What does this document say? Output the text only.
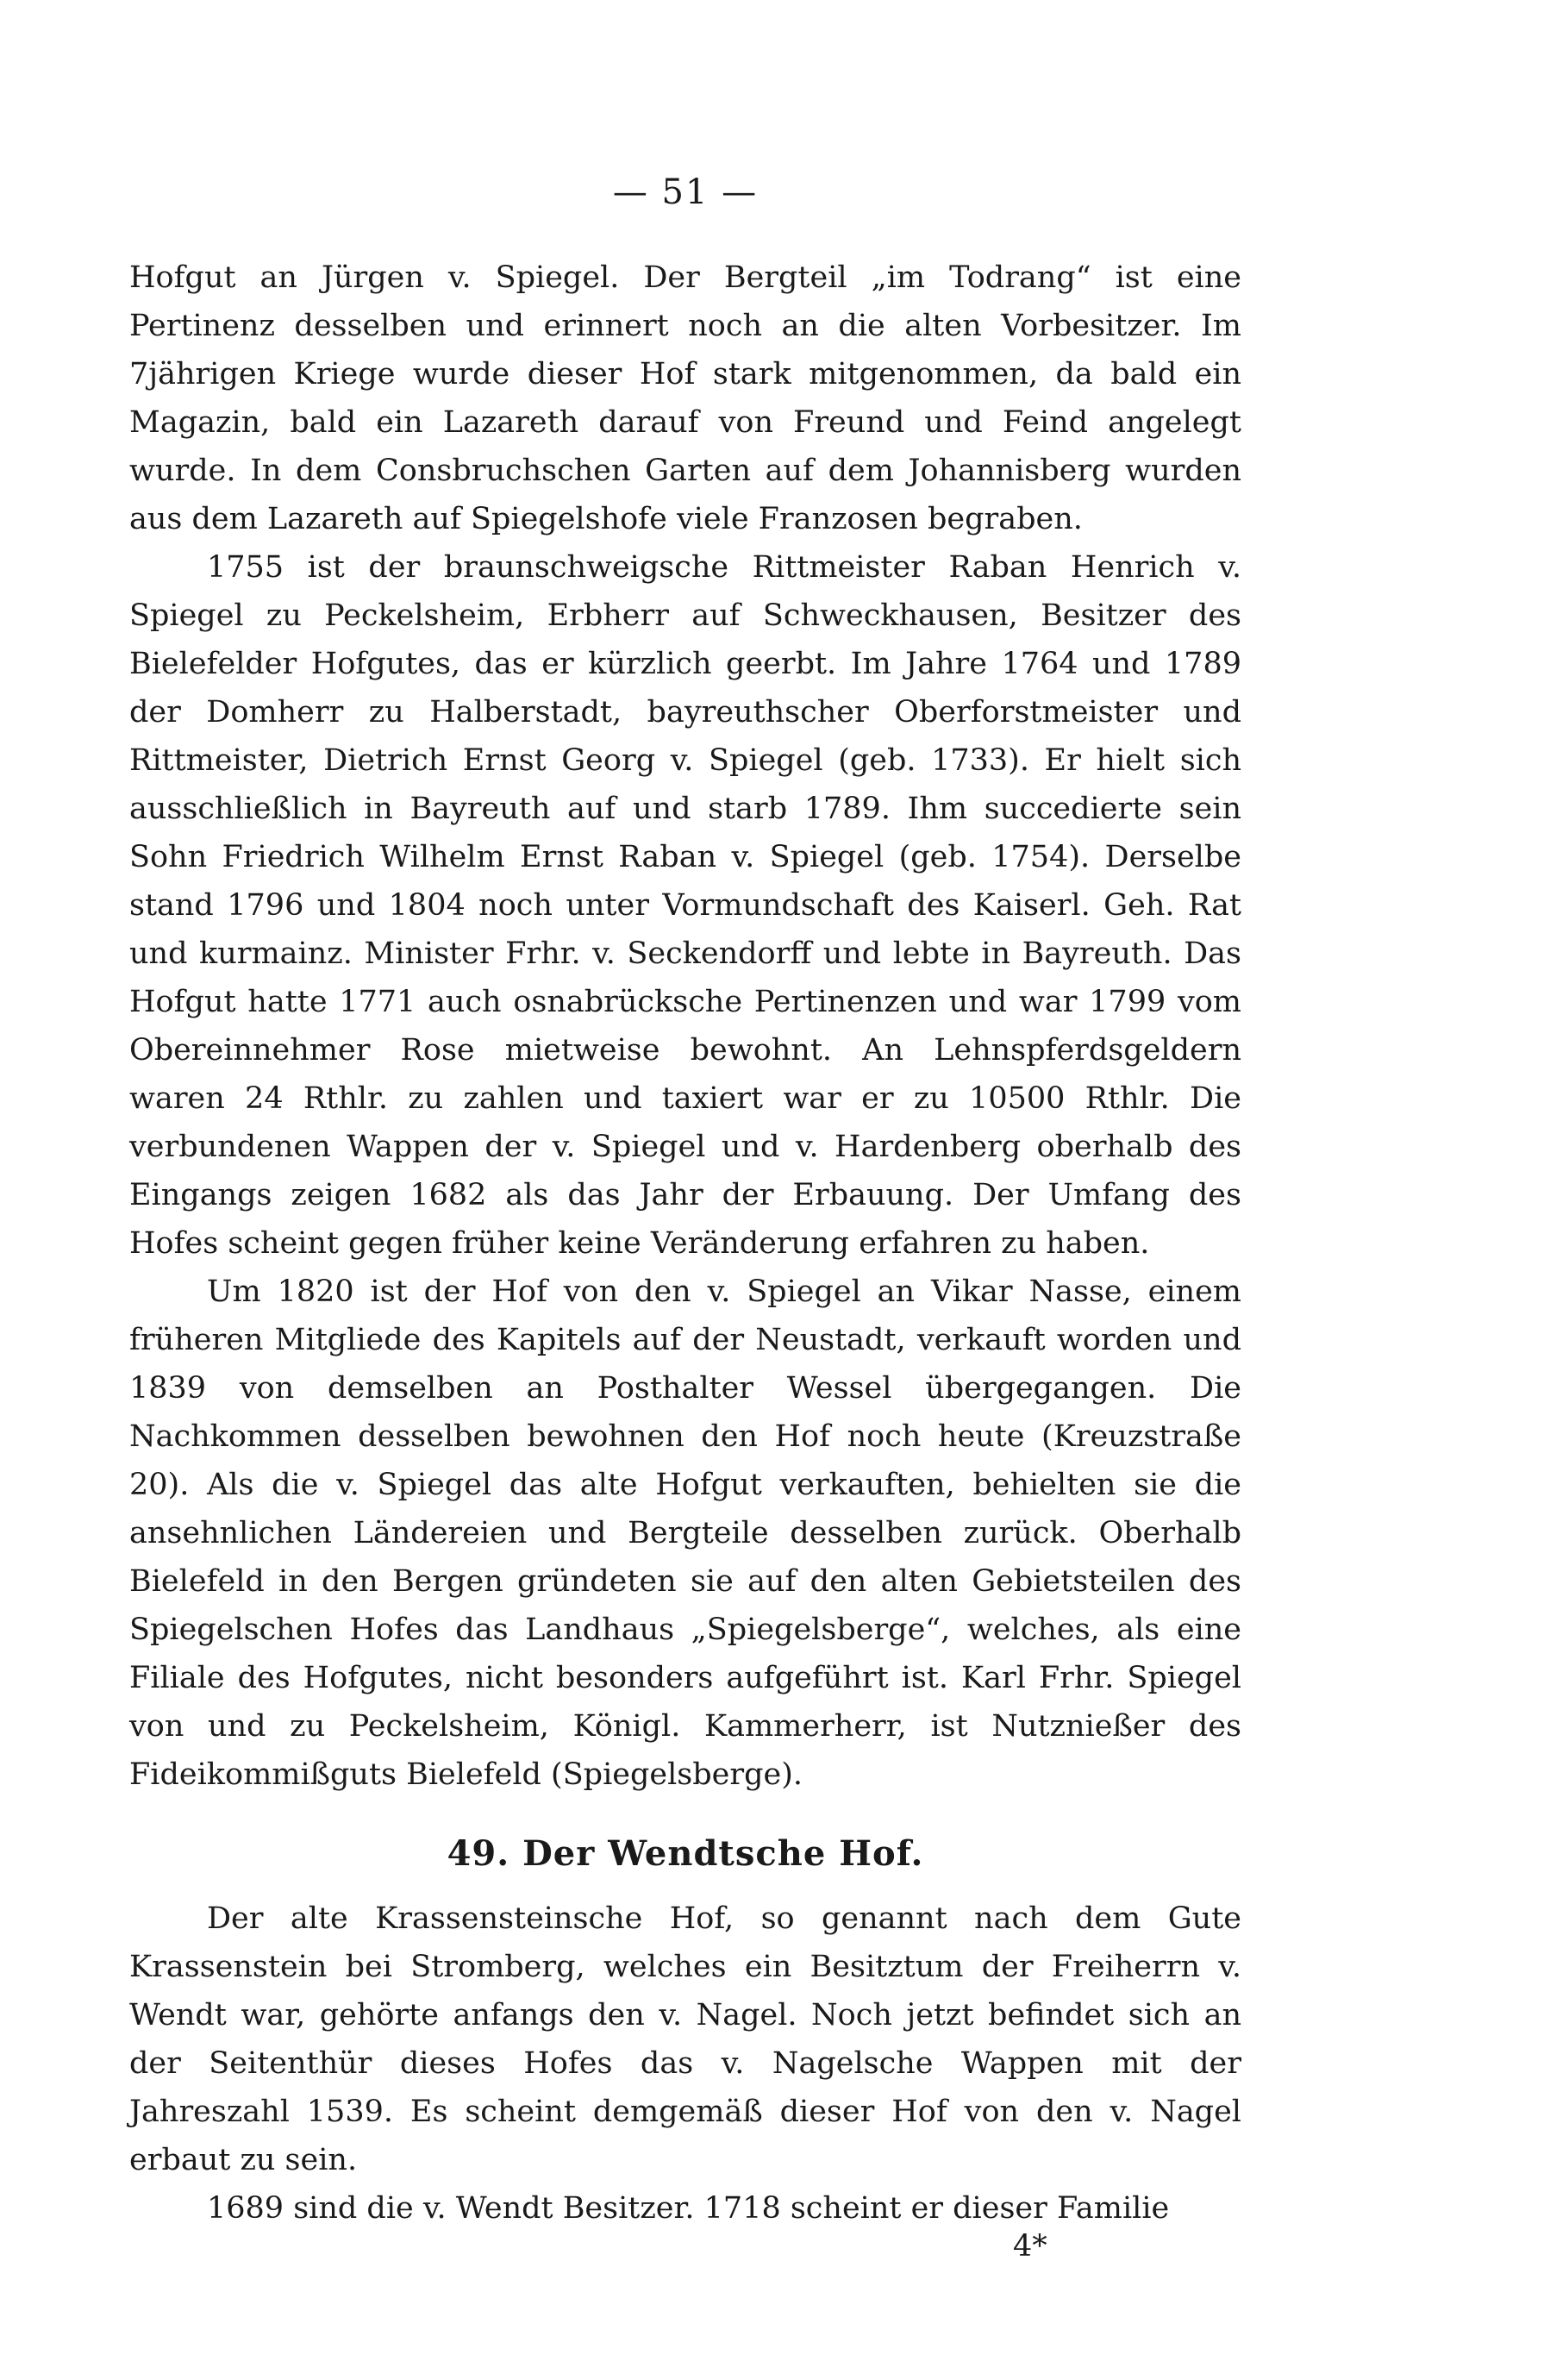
— 51 —

Hofgut an Jürgen v. Spiegel. Der Bergteil „im Todrang“ ist eine Pertinenz desselben und erinnert noch an die alten Vorbesitzer. Im 7jährigen Kriege wurde dieser Hof stark mitgenommen, da bald ein Magazin, bald ein Lazareth darauf von Freund und Feind angelegt wurde. In dem Consbruchschen Garten auf dem Johannisberg wurden aus dem Lazareth auf Spiegelshofe viele Franzosen begraben.

1755 ist der braunschweigsche Rittmeister Raban Henrich v. Spiegel zu Peckelsheim, Erbherr auf Schweckhausen, Besitzer des Bielefelder Hofgutes, das er kürzlich geerbt. Im Jahre 1764 und 1789 der Domherr zu Halberstadt, bayreuthscher Oberforstmeister und Rittmeister, Dietrich Ernst Georg v. Spiegel (geb. 1733). Er hielt sich ausschließlich in Bayreuth auf und starb 1789. Ihm succedierte sein Sohn Friedrich Wilhelm Ernst Raban v. Spiegel (geb. 1754). Derselbe stand 1796 und 1804 noch unter Vormundschaft des Kaiserl. Geh. Rat und kurmainz. Minister Frhr. v. Seckendorff und lebte in Bayreuth. Das Hofgut hatte 1771 auch osnabrücksche Pertinenzen und war 1799 vom Obereinnehmer Rose mietweise bewohnt. An Lehnspferdsgeldern waren 24 Rthlr. zu zahlen und taxiert war er zu 10500 Rthlr. Die verbundenen Wappen der v. Spiegel und v. Hardenberg oberhalb des Eingangs zeigen 1682 als das Jahr der Erbauung. Der Umfang des Hofes scheint gegen früher keine Veränderung erfahren zu haben.

Um 1820 ist der Hof von den v. Spiegel an Vikar Nasse, einem früheren Mitgliede des Kapitels auf der Neustadt, verkauft worden und 1839 von demselben an Posthalter Wessel übergegangen. Die Nachkommen desselben bewohnen den Hof noch heute (Kreuzstraße 20). Als die v. Spiegel das alte Hofgut verkauften, behielten sie die ansehnlichen Ländereien und Bergteile desselben zurück. Oberhalb Bielefeld in den Bergen gründeten sie auf den alten Gebietsteilen des Spiegelschen Hofes das Landhaus „Spiegelsberge“, welches, als eine Filiale des Hofgutes, nicht besonders aufgeführt ist. Karl Frhr. Spiegel von und zu Peckelsheim, Königl. Kammerherr, ist Nutznießer des Fideikommißguts Bielefeld (Spiegelsberge).

49. Der Wendtsche Hof.

Der alte Krassensteinsche Hof, so genannt nach dem Gute Krassenstein bei Stromberg, welches ein Besitztum der Freiherrn v. Wendt war, gehörte anfangs den v. Nagel. Noch jetzt befindet sich an der Seitenthür dieses Hofes das v. Nagelsche Wappen mit der Jahreszahl 1539. Es scheint demgemäß dieser Hof von den v. Nagel erbaut zu sein.

1689 sind die v. Wendt Besitzer. 1718 scheint er dieser Familie

4*
